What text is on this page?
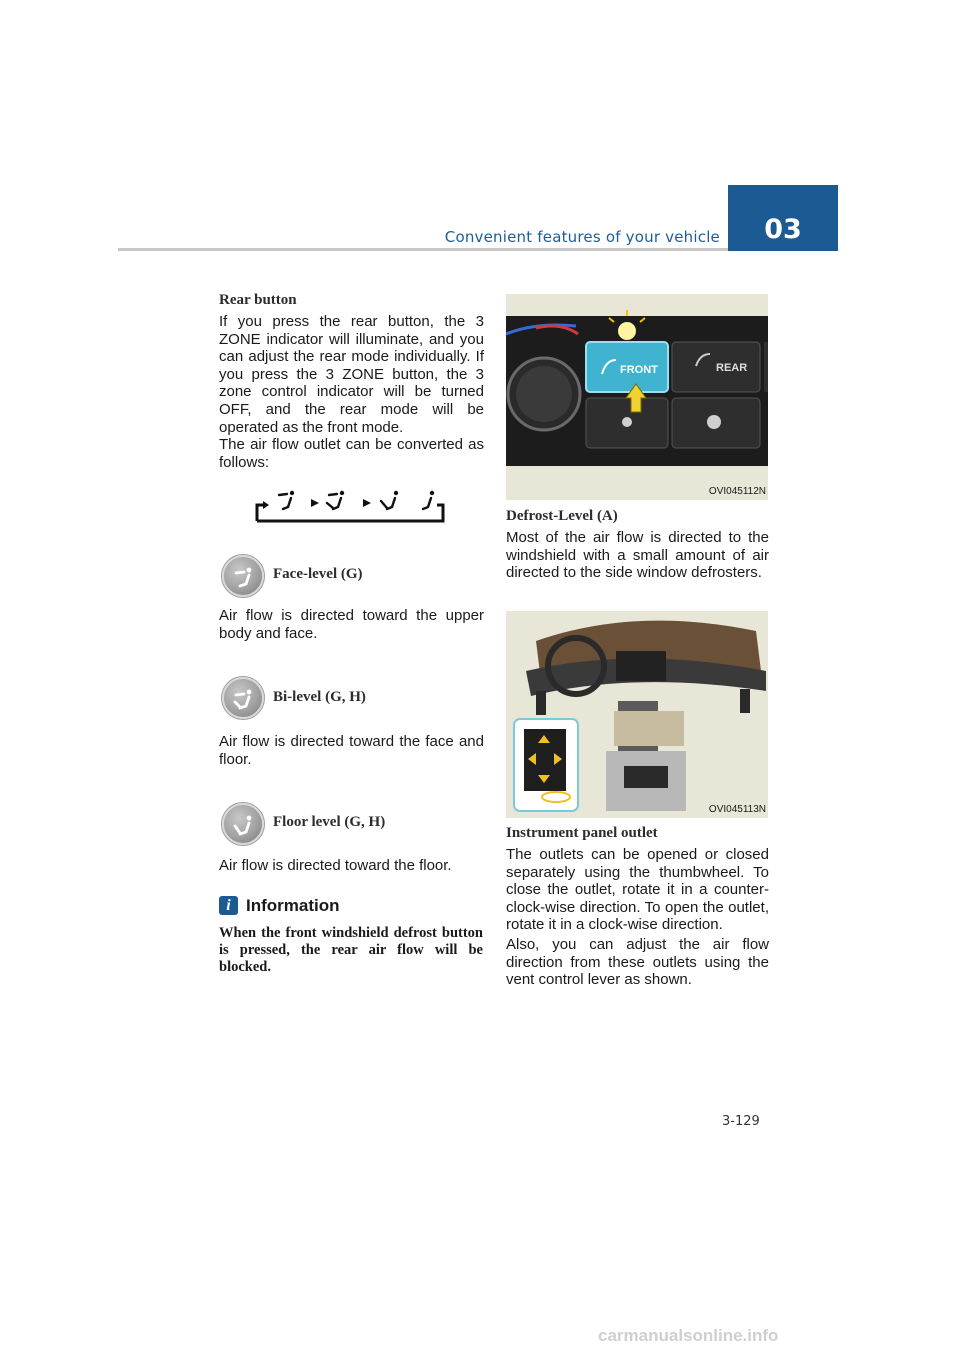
Convenient features of your vehicle	03
Rear button
If you press the rear button, the 3 ZONE indicator will illuminate, and you can adjust the rear mode individually. If you press the 3 ZONE button, the 3 zone control indicator will be turned OFF, and the rear mode will be operated as the front mode.
The air flow outlet can be converted as follows:
Face-level (G)
Air flow is directed toward the upper body and face.
Bi-level (G, H)
Air flow is directed toward the face and floor.
Floor level (G, H)
Air flow is directed toward the floor.
i Information
When the front windshield defrost button is pressed, the rear air flow will be blocked.
FRONT	REAR
OVI045112N
Defrost-Level (A)
Most of the air flow is directed to the windshield with a small amount of air directed to the side window defrosters.
OVI045113N
Instrument panel outlet
The outlets can be opened or closed separately using the thumbwheel. To close the outlet, rotate it in a counter-clock-wise direction. To open the outlet, rotate it in a clock-wise direction.
Also, you can adjust the air flow direction from these outlets using the vent control lever as shown.
3-129
carmanualsonline.info
